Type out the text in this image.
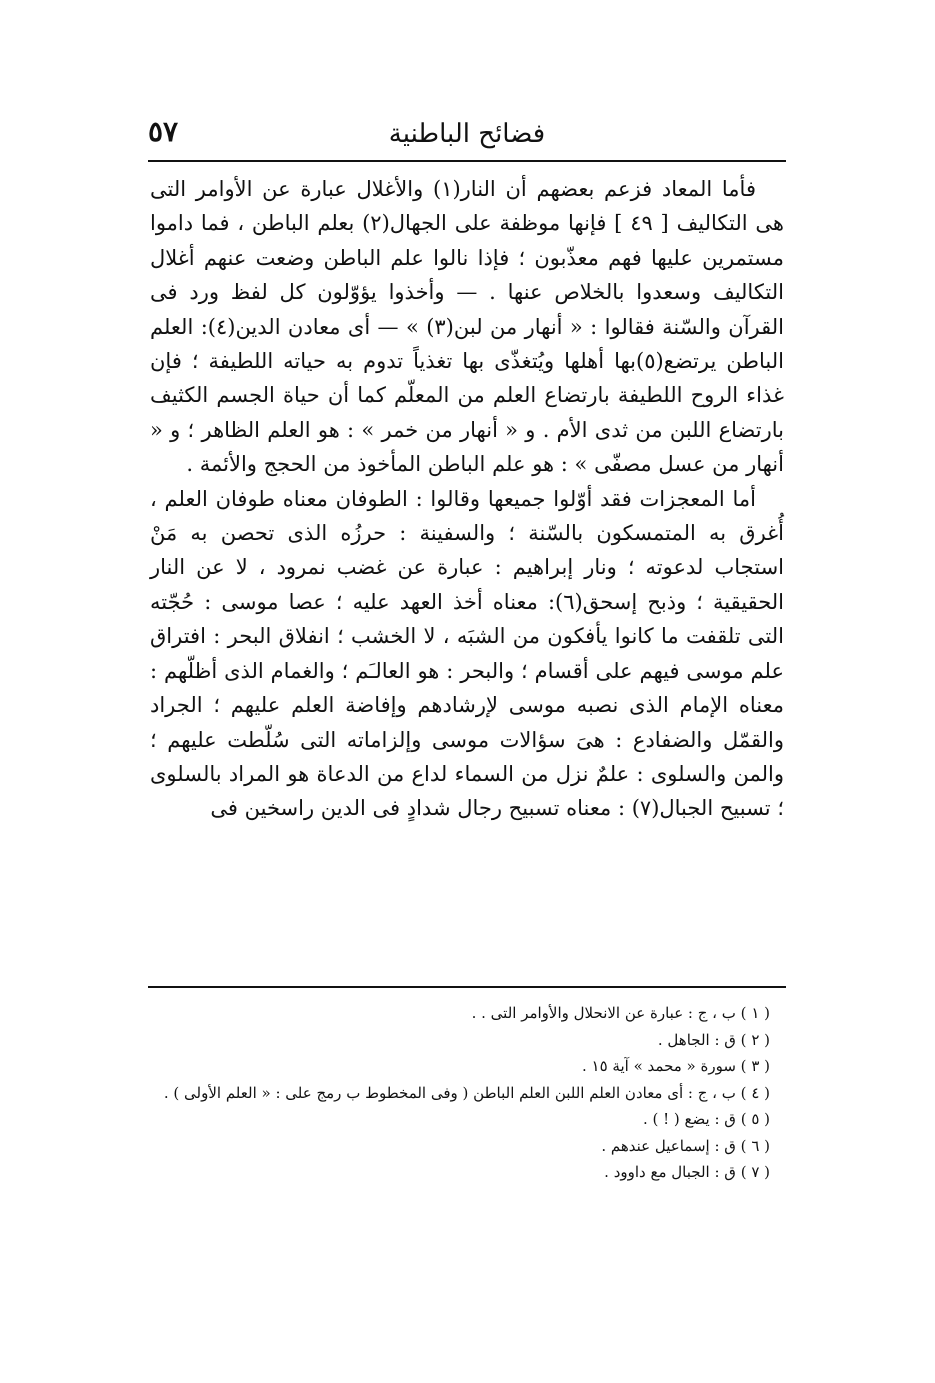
فضائح الباطنية
٥٧

فأما المعاد فزعم بعضهم أن النار(١) والأغلال عبارة عن الأوامر التى هى التكاليف [ ٤٩ ] فإنها موظفة على الجهال(٢) بعلم الباطن ، فما داموا مستمرين عليها فهم معذّبون ؛ فإذا نالوا علم الباطن وضعت عنهم أغلال التكاليف وسعدوا بالخلاص عنها . — وأخذوا يؤوّلون كل لفظ ورد فى القرآن والسّنة فقالوا : « أنهار من لبن(٣) » — أى معادن الدين(٤): العلم الباطن يرتضع(٥)بها أهلها ويُتغذّى بها تغذياً تدوم به حياته اللطيفة ؛ فإن غذاء الروح اللطيفة بارتضاع العلم من المعلّم كما أن حياة الجسم الكثيف بارتضاع اللبن من ثدى الأم . و « أنهار من خمر » : هو العلم الظاهر ؛ و « أنهار من عسل مصفّى » : هو علم الباطن المأخوذ من الحجج والأئمة .

أما المعجزات فقد أوّلوا جميعها وقالوا : الطوفان معناه طوفان العلم ، أُغرق به المتمسكون بالسّنة ؛ والسفينة : حرزُه الذى تحصن به مَنْ استجاب لدعوته ؛ ونار إبراهيم : عبارة عن غضب نمرود ، لا عن النار الحقيقية ؛ وذبح إسحق(٦): معناه أخذ العهد عليه ؛ عصا موسى : حُجّته التى تلقفت ما كانوا يأفكون من الشبَه ، لا الخشب ؛ انفلاق البحر : افتراق علم موسى فيهم على أقسام ؛ والبحر : هو العالـَم ؛ والغمام الذى أظلّهم : معناه الإمام الذى نصبه موسى لإرشادهم وإفاضة العلم عليهم ؛ الجراد والقمّل والضفادع : هىَ سؤالات موسى وإلزاماته التى سُلّطت عليهم ؛ والمن والسلوى : علمٌ نزل من السماء لداع من الدعاة هو المراد بالسلوى ؛ تسبيح الجبال(٧) : معناه تسبيح رجال شدادٍ فى الدين راسخين فى

( ١ ) ب ، ج : عبارة عن الانحلال والأوامر التى . .
( ٢ ) ق : الجاهل .
( ٣ ) سورة « محمد » آية ١٥ .
( ٤ ) ب ، ج : أى معادن العلم اللبن العلم الباطن ( وفى المخطوط ب رمج على : « العلم الأولى ) .
( ٥ ) ق : يضع ( ! ) .
( ٦ ) ق : إسماعيل عندهم .
( ٧ ) ق : الجبال مع داوود .
